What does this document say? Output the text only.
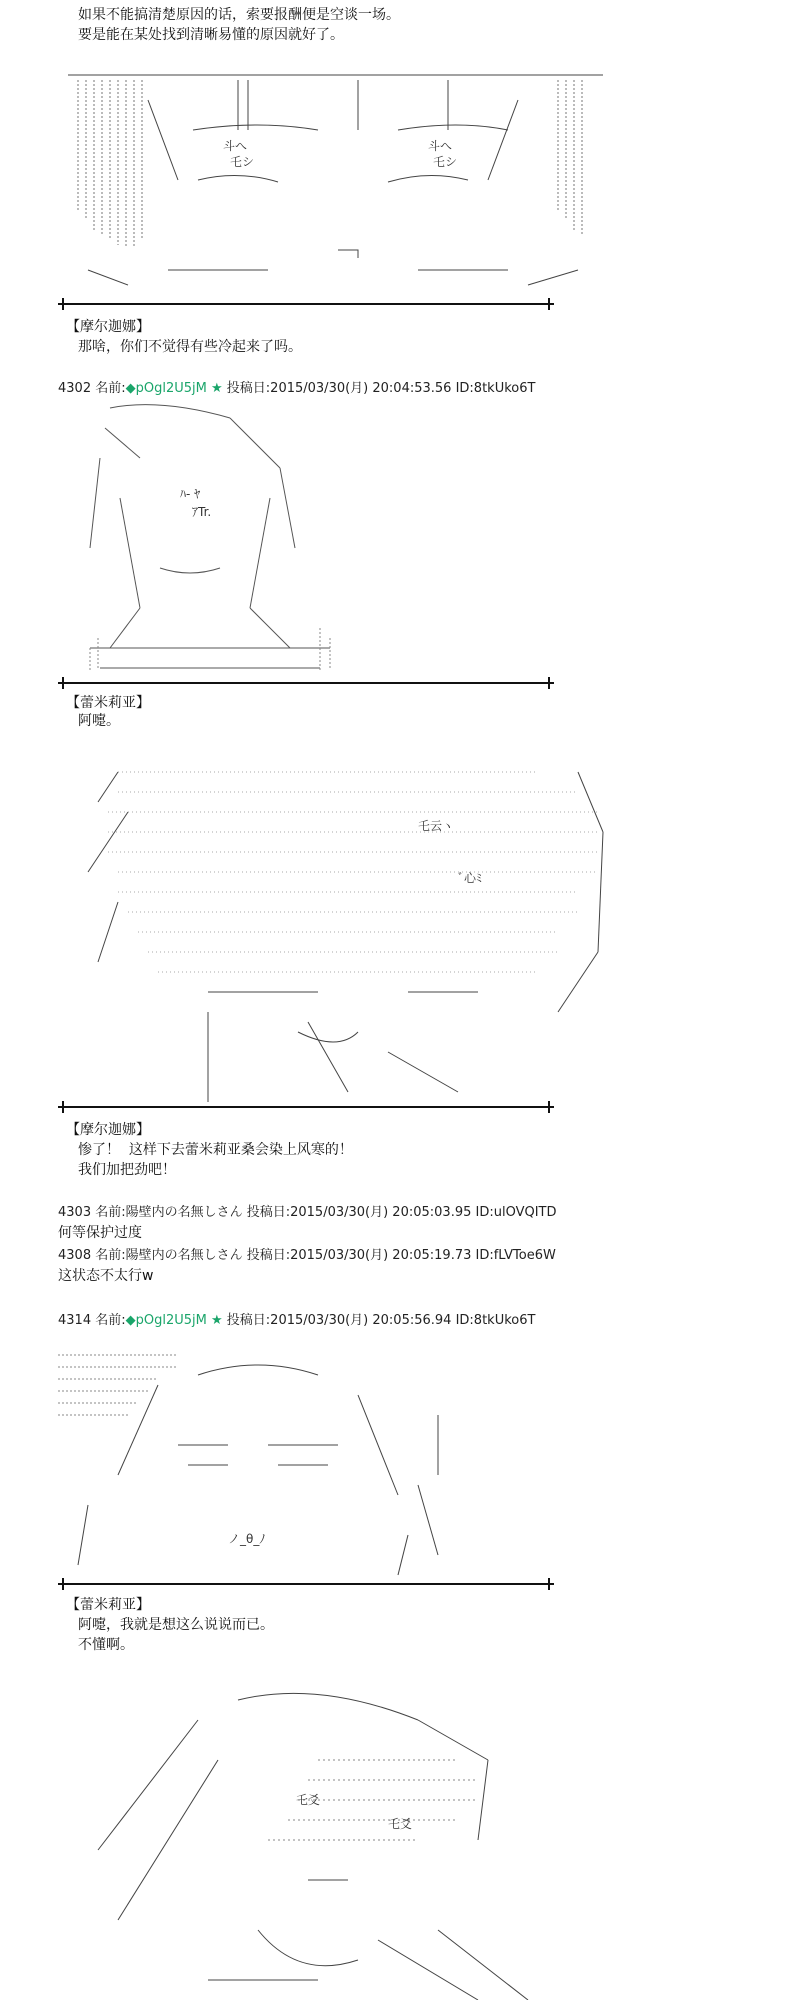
如果不能搞清楚原因的话，索要报酬便是空谈一场。
要是能在某处找到清晰易懂的原因就好了。
斗へ
乇シ
斗へ
乇シ
【摩尔迦娜】
那啥，你们不觉得有些冷起来了吗。
4302 名前:◆pOgl2U5jM ★ 投稿日:2015/03/30(月) 20:04:53.56 ID:8tkUko6T
ﾊ- ﾔ
ｱTr.
【蕾米莉亚】
阿嚏。
乇云ヽ
ﾞ心ﾐ
【摩尔迦娜】
惨了！  这样下去蕾米莉亚桑会染上风寒的！
我们加把劲吧！
4303 名前:陽壁内の名無しさん 投稿日:2015/03/30(月) 20:05:03.95 ID:ulOVQITD
何等保护过度
4308 名前:陽壁内の名無しさん 投稿日:2015/03/30(月) 20:05:19.73 ID:fLVToe6W
这状态不太行w
4314 名前:◆pOgl2U5jM ★ 投稿日:2015/03/30(月) 20:05:56.94 ID:8tkUko6T
ノ_θ_ﾉ
【蕾米莉亚】
阿嚏，我就是想这么说说而已。
不懂啊。
乇爻
乇爻
